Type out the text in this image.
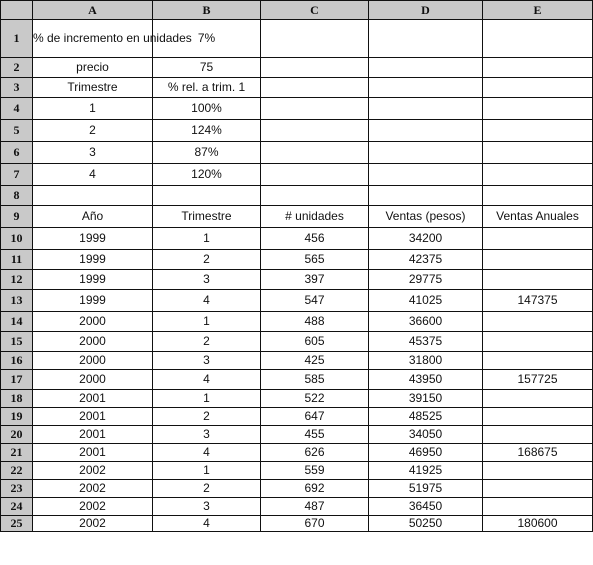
	A	B	C	D	E
1	% de incremento en unidades	7%			
2	precio	75			
3	Trimestre	% rel. a trim. 1			
4	1	100%			
5	2	124%			
6	3	87%			
7	4	120%			
8					
9	Año	Trimestre	# unidades	Ventas (pesos)	Ventas Anuales
10	1999	1	456	34200	
11	1999	2	565	42375	
12	1999	3	397	29775	
13	1999	4	547	41025	147375
14	2000	1	488	36600	
15	2000	2	605	45375	
16	2000	3	425	31800	
17	2000	4	585	43950	157725
18	2001	1	522	39150	
19	2001	2	647	48525	
20	2001	3	455	34050	
21	2001	4	626	46950	168675
22	2002	1	559	41925	
23	2002	2	692	51975	
24	2002	3	487	36450	
25	2002	4	670	50250	180600
